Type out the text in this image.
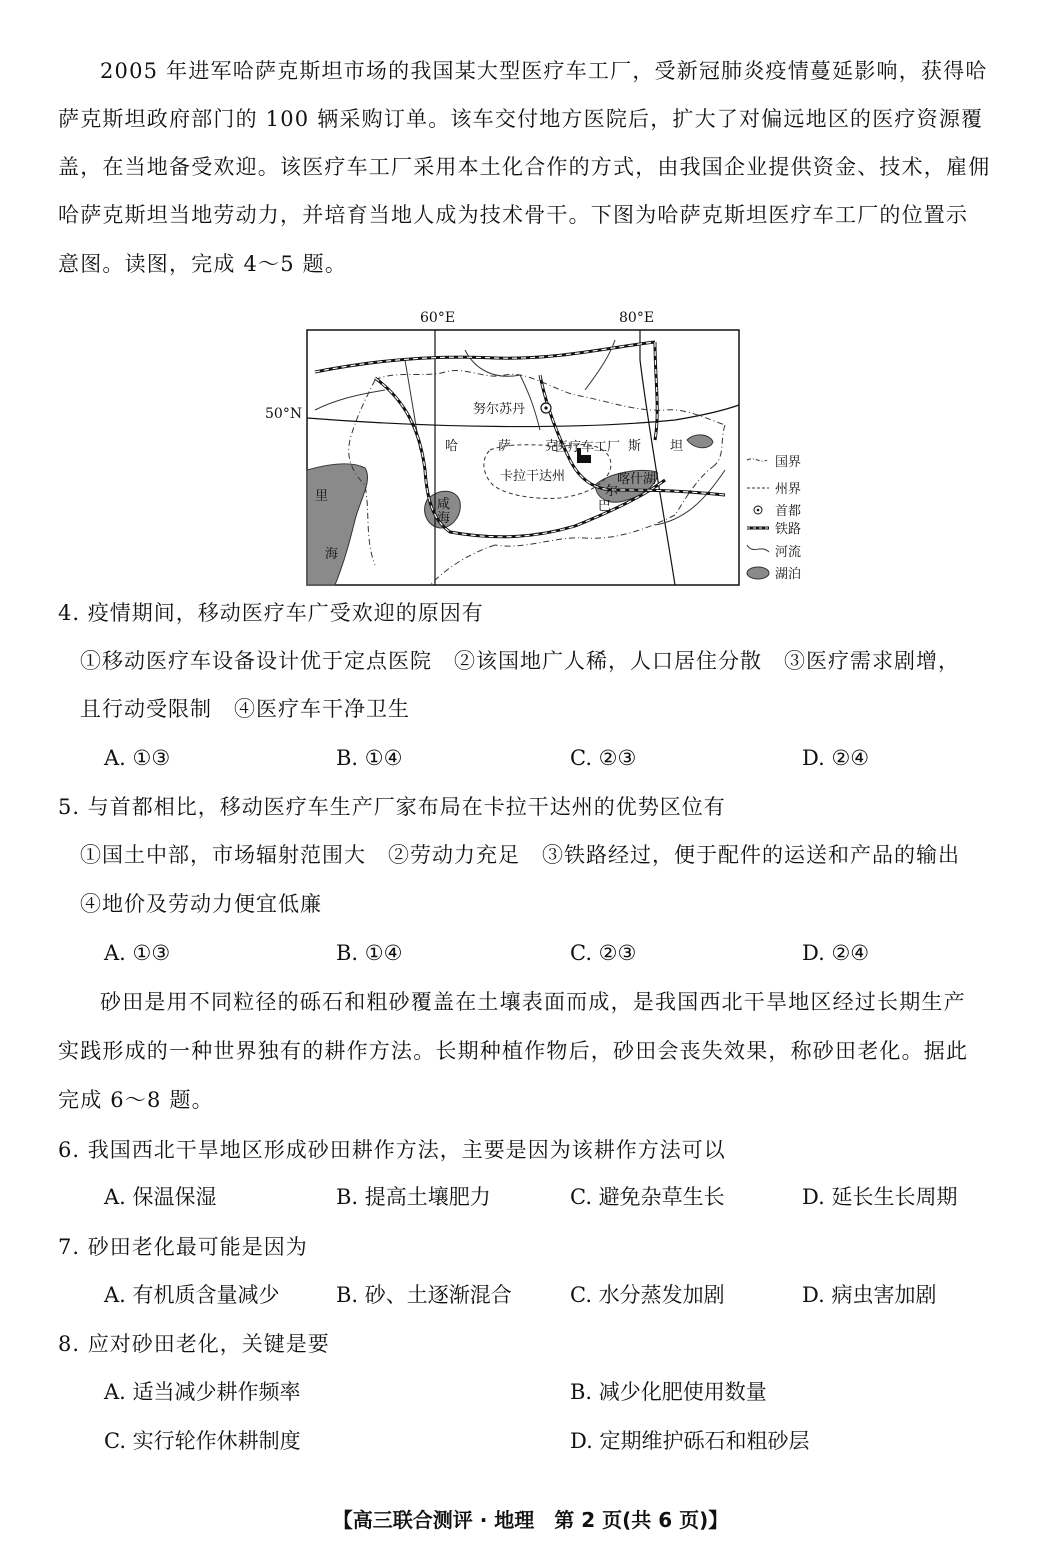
2005 年进军哈萨克斯坦市场的我国某大型医疗车工厂，受新冠肺炎疫情蔓延影响，获得哈
萨克斯坦政府部门的 100 辆采购订单。该车交付地方医院后，扩大了对偏远地区的医疗资源覆
盖，在当地备受欢迎。该医疗车工厂采用本土化合作的方式，由我国企业提供资金、技术，雇佣
哈萨克斯坦当地劳动力，并培育当地人成为技术骨干。下图为哈萨克斯坦医疗车工厂的位置示
意图。读图，完成 4～5 题。
60°E	80°E
50°N	努尔苏丹
医疗车工厂
哈	萨	克	斯 坦
卡拉干达州
里
海
咸
海
巴
尔
喀什湖
国界
州界
首都
铁路
河流
湖泊
4. 疫情期间，移动医疗车广受欢迎的原因有
①移动医疗车设备设计优于定点医院　②该国地广人稀，人口居住分散　③医疗需求剧增，
且行动受限制　④医疗车干净卫生
A. ①③	B. ①④	C. ②③	D. ②④
5. 与首都相比，移动医疗车生产厂家布局在卡拉干达州的优势区位有
①国土中部，市场辐射范围大　②劳动力充足　③铁路经过，便于配件的运送和产品的输出
④地价及劳动力便宜低廉
A. ①③	B. ①④	C. ②③	D. ②④
砂田是用不同粒径的砾石和粗砂覆盖在土壤表面而成，是我国西北干旱地区经过长期生产
实践形成的一种世界独有的耕作方法。长期种植作物后，砂田会丧失效果，称砂田老化。据此
完成 6～8 题。
6. 我国西北干旱地区形成砂田耕作方法，主要是因为该耕作方法可以
A. 保温保湿	B. 提高土壤肥力	C. 避免杂草生长	D. 延长生长周期
7. 砂田老化最可能是因为
A. 有机质含量减少	B. 砂、土逐渐混合	C. 水分蒸发加剧	D. 病虫害加剧
8. 应对砂田老化，关键是要
A. 适当减少耕作频率	B. 减少化肥使用数量
C. 实行轮作休耕制度	D. 定期维护砾石和粗砂层
【高三联合测评 · 地理　第 2 页(共 6 页)】
